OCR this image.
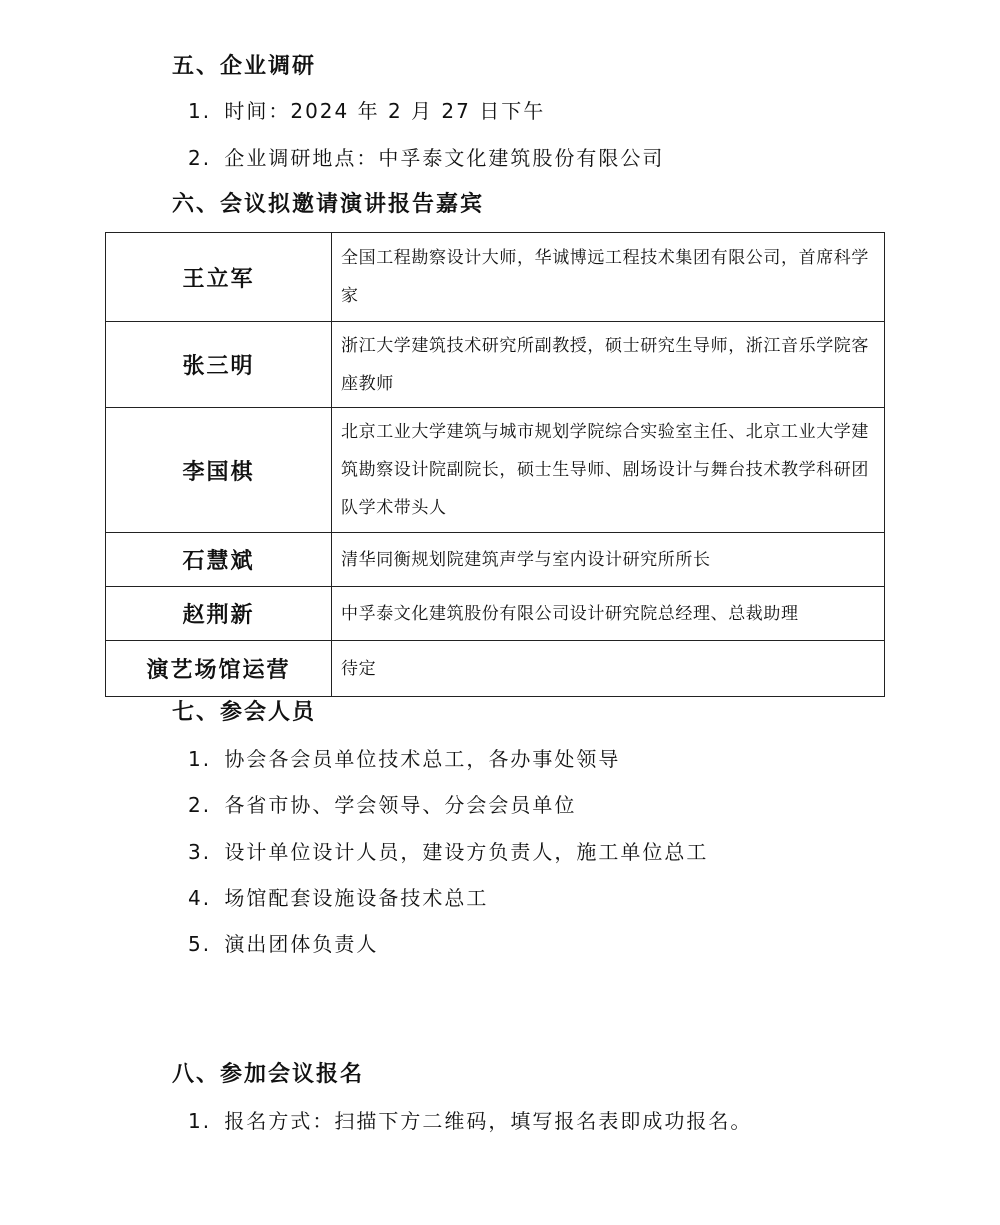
五、企业调研
1. 时间：2024 年 2 月 27 日下午
2. 企业调研地点：中孚泰文化建筑股份有限公司
六、会议拟邀请演讲报告嘉宾
王立军	全国工程勘察设计大师，华诚博远工程技术集团有限公司，首席科学家
张三明	浙江大学建筑技术研究所副教授，硕士研究生导师，浙江音乐学院客座教师
李国棋	北京工业大学建筑与城市规划学院综合实验室主任、北京工业大学建筑勘察设计院副院长，硕士生导师、剧场设计与舞台技术教学科研团队学术带头人
石慧斌	清华同衡规划院建筑声学与室内设计研究所所长
赵荆新	中孚泰文化建筑股份有限公司设计研究院总经理、总裁助理
演艺场馆运营	待定
七、参会人员
1. 协会各会员单位技术总工，各办事处领导
2. 各省市协、学会领导、分会会员单位
3. 设计单位设计人员，建设方负责人，施工单位总工
4. 场馆配套设施设备技术总工
5. 演出团体负责人
八、参加会议报名
1. 报名方式：扫描下方二维码，填写报名表即成功报名。
